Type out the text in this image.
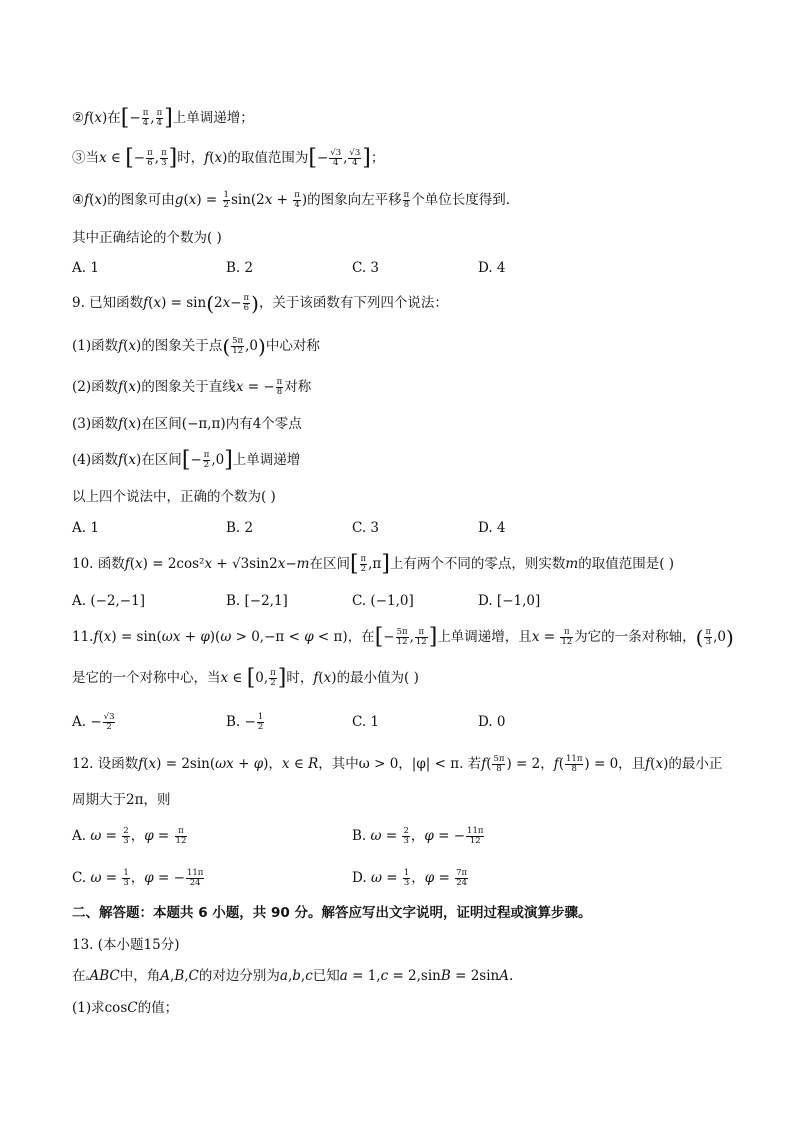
②f(x)在[− $\frac{\pi}{4}$ , $\frac{\pi}{4}$ ]上单调递增；
③当x ∈ [− $\frac{\pi}{6}$ , $\frac{\pi}{3}$ ]时，f(x)的取值范围为[− $\frac{√3}{4}$ , $\frac{√3}{4}$ ]；
④f(x)的图象可由$g(x) = \frac{1}{2} \sin(2x + \frac{\pi}{4}$ )的图象向左平移 $\frac{\pi}{8}$ 个单位长度得到．
其中正确结论的个数为( )
A. 1	B. 2	C. 3	D. 4
9. 已知函数$f(x) = \sin(2x- \frac{\pi}{6}$ )，关于该函数有下列四个说法：
(1)函数f(x)的图象关于点( $\frac{5\pi}{12} ,0$)中心对称
(2)函数f(x)的图象关于直线x = − $\frac{\pi}{8}$ 对称
(3)函数f(x)在区间(−π,π)内有4个零点
(4)函数f(x)在区间[− $\frac{\pi}{2} ,0$]上单调递增
以上四个说法中，正确的个数为( )
A. 1	B. 2	C. 3	D. 4
10. 函数f(x) = 2cos²x + √3sin2x−m在区间[ $\frac{\pi}{2} ,\pi$]上有两个不同的零点，则实数m的取值范围是( )
A. (−2,−1]	B. [−2,1]	C. (−1,0]	D. [−1,0]
11.f(x) = sin(ωx + φ)(ω > 0,−π < φ < π)，在[− $\frac{5\pi}{12}$ , $\frac{\pi}{12}$ ]上单调递增，且$x = \frac{\pi}{12}$ 为它的一条对称轴，( $\frac{\pi}{3} ,0$)
是它的一个对称中心，当x ∈ [0, $\frac{\pi}{2}$ ]时，f(x)的最小值为( )
A. − $\frac{√3}{2}$	B. − $\frac{1}{2}$	C. 1	D. 0
12. 设函数f(x) = 2sin(ωx + φ)，x ∈ R，其中ω > 0，|φ| < π. 若$f( \frac{5\pi}{8}$ ) = 2，$f( \frac{11\pi}{8}$ ) = 0，且f(x)的最小正
周期大于2π，则
A. $\omega = \frac{2}{3}$ ，$\varphi = \frac{\pi}{12}$	B. $\omega = \frac{2}{3}$ ，φ = − $\frac{11\pi}{12}$
C. $\omega = \frac{1}{3}$ ，φ = − $\frac{11\pi}{24}$	D. $\omega = \frac{1}{3}$ ，$\varphi = \frac{7\pi}{24}$
二、解答题：本题共 6 小题，共 90 分。解答应写出文字说明，证明过程或演算步骤。
13. (本小题15分)
在▵ABC中，角A,B,C的对边分别为a,b,c已知a = 1,c = 2,sinB = 2sinA.
(1)求cosC的值；
